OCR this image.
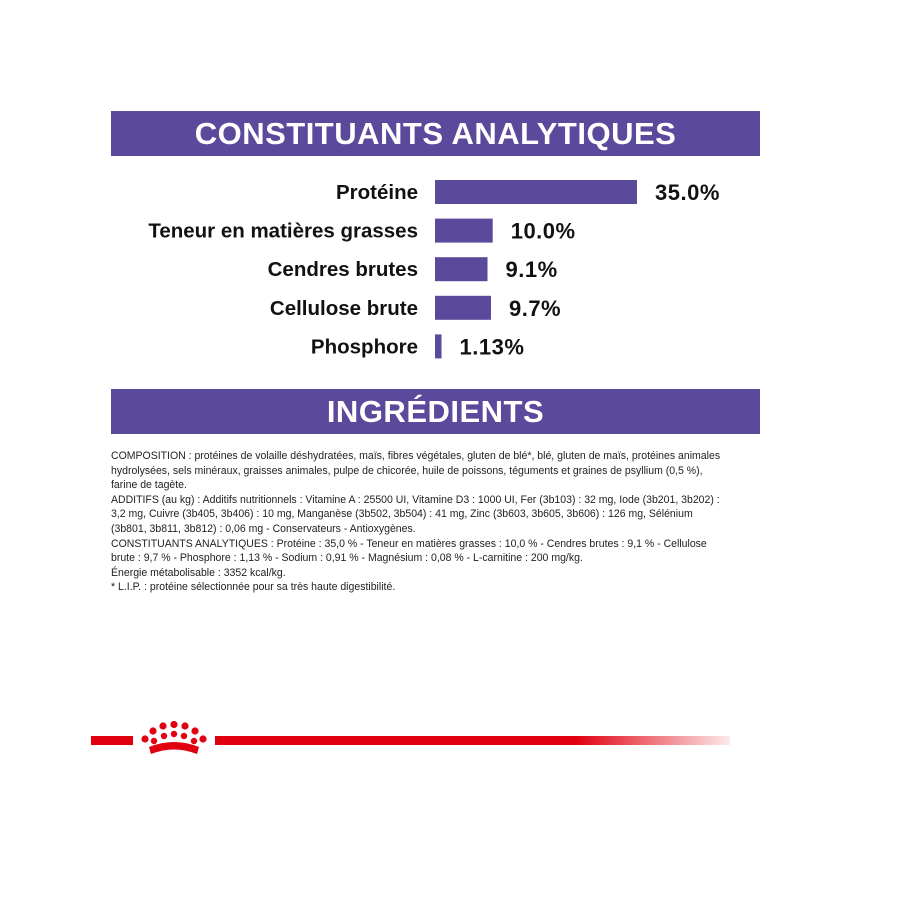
CONSTITUANTS ANALYTIQUES
Protéine	35.0%
Teneur en matières grasses	10.0%
Cendres brutes	9.1%
Cellulose brute	9.7%
Phosphore 1.13%
INGRÉDIENTS

COMPOSITION : protéines de volaille déshydratées, maïs, fibres végétales, gluten de blé*, blé, gluten de maïs, protéines animales hydrolysées, sels minéraux, graisses animales, pulpe de chicorée, huile de poissons, téguments et graines de psyllium (0,5 %), farine de tagète.

ADDITIFS (au kg) : Additifs nutritionnels : Vitamine A : 25500 UI, Vitamine D3 : 1000 UI, Fer (3b103) : 32 mg, Iode (3b201, 3b202) : 3,2 mg, Cuivre (3b405, 3b406) : 10 mg, Manganèse (3b502, 3b504) : 41 mg, Zinc (3b603, 3b605, 3b606) : 126 mg, Sélénium (3b801, 3b811, 3b812) : 0,06 mg - Conservateurs - Antioxygènes.

CONSTITUANTS ANALYTIQUES : Protéine : 35,0 % - Teneur en matières grasses : 10,0 % - Cendres brutes : 9,1 % - Cellulose brute : 9,7 % - Phosphore : 1,13 % - Sodium : 0,91 % - Magnésium : 0,08 % - L-carnitine : 200 mg/kg.

Énergie métabolisable : 3352 kcal/kg.

* L.I.P. : protéine sélectionnée pour sa très haute digestibilité.
